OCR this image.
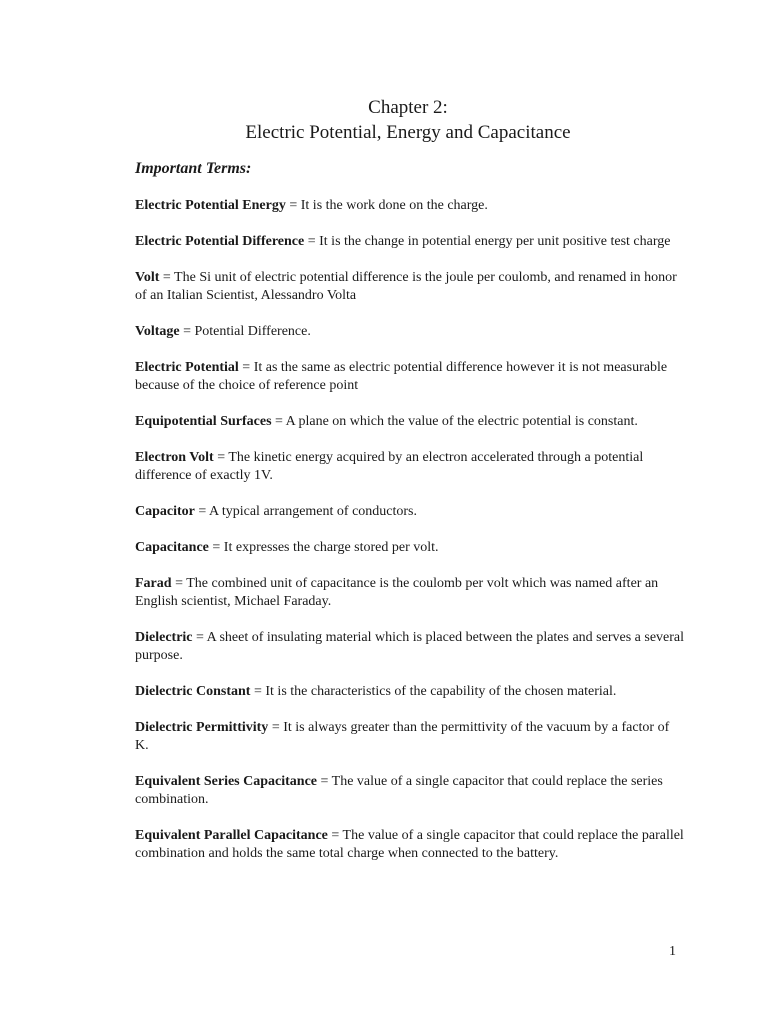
Chapter 2:
Electric Potential, Energy and Capacitance
Important Terms:
Electric Potential Energy = It is the work done on the charge.
Electric Potential Difference = It is the change in potential energy per unit positive test charge
Volt = The Si unit of electric potential difference is the joule per coulomb, and renamed in honor of an Italian Scientist, Alessandro Volta
Voltage = Potential Difference.
Electric Potential = It as the same as electric potential difference however it is not measurable because of the choice of reference point
Equipotential Surfaces = A plane on which the value of the electric potential is constant.
Electron Volt = The kinetic energy acquired by an electron accelerated through a potential difference of exactly 1V.
Capacitor = A typical arrangement of conductors.
Capacitance = It expresses the charge stored per volt.
Farad = The combined unit of capacitance is the coulomb per volt which was named after an English scientist, Michael Faraday.
Dielectric = A sheet of insulating material which is placed between the plates and serves a several purpose.
Dielectric Constant = It is the characteristics of the capability of the chosen material.
Dielectric Permittivity = It is always greater than the permittivity of the vacuum by a factor of K.
Equivalent Series Capacitance = The value of a single capacitor that could replace the series combination.
Equivalent Parallel Capacitance = The value of a single capacitor that could replace the parallel combination and holds the same total charge when connected to the battery.
1
